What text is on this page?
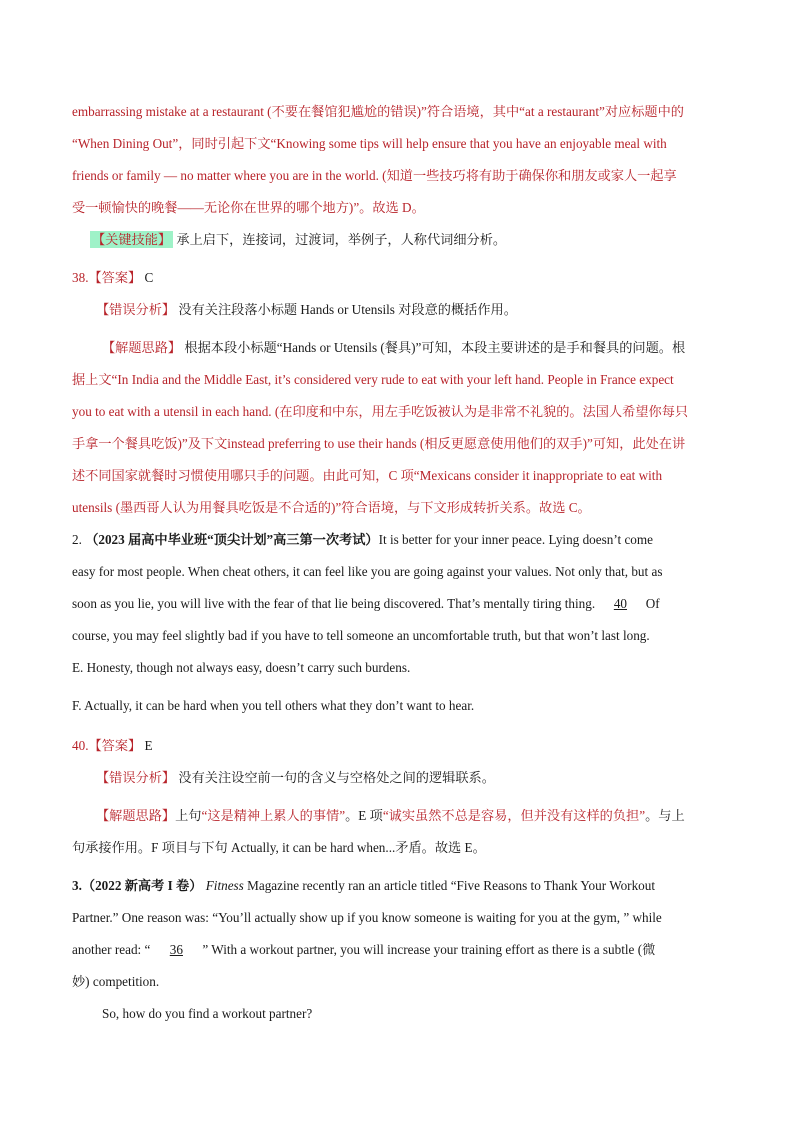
embarrassing mistake at a restaurant (不要在餐馆犯尴尬的错误)”符合语境，其中“at a restaurant”对应标题中的
“When Dining Out”，同时引起下文“Knowing some tips will help ensure that you have an enjoyable meal with
friends or family — no matter where you are in the world. (知道一些技巧将有助于确保你和朋友或家人一起享
受一顿愉快的晚餐——无论你在世界的哪个地方)”。故选 D。
【关键技能】 承上启下，连接词，过渡词，举例子，人称代词细分析。
38.【答案】 C
【错误分析】 没有关注段落小标题 Hands or Utensils 对段意的概括作用。
【解题思路】 根据本段小标题“Hands or Utensils (餐具)”可知，本段主要讲述的是手和餐具的问题。根
据上文“In India and the Middle East, it’s considered very rude to eat with your left hand. People in France expect
you to eat with a utensil in each hand. (在印度和中东，用左手吃饭被认为是非常不礼貌的。法国人希望你每只
手拿一个餐具吃饭)”及下文instead preferring to use their hands (相反更愿意使用他们的双手)”可知，此处在讲
述不同国家就餐时习惯使用哪只手的问题。由此可知，C 项“Mexicans consider it inappropriate to eat with
utensils (墨西哥人认为用餐具吃饭是不合适的)”符合语境，与下文形成转折关系。故选 C。
2. （2023 届高中毕业班“顶尖计划”高三第一次考试）It is better for your inner peace. Lying doesn’t come
easy for most people. When cheat others, it can feel like you are going against your values. Not only that, but as
soon as you lie, you will live with the fear of that lie being discovered. That’s mentally tiring thing. 40 Of
course, you may feel slightly bad if you have to tell someone an uncomfortable truth, but that won’t last long.
E. Honesty, though not always easy, doesn’t carry such burdens.
F. Actually, it can be hard when you tell others what they don’t want to hear.
40.【答案】 E
【错误分析】 没有关注设空前一句的含义与空格处之间的逻辑联系。
【解题思路】上句“这是精神上累人的事情”。E 项“诚实虽然不总是容易，但并没有这样的负担”。与上
句承接作用。F 项目与下句 Actually, it can be hard when...矛盾。故选 E。
3.（2022 新高考 I 卷） Fitness Magazine recently ran an article titled “Five Reasons to Thank Your Workout
Partner.” One reason was: “You’ll actually show up if you know someone is waiting for you at the gym, ” while
another read: “ 36 ” With a workout partner, you will increase your training effort as there is a subtle (微
妙) competition.
So, how do you find a workout partner?
